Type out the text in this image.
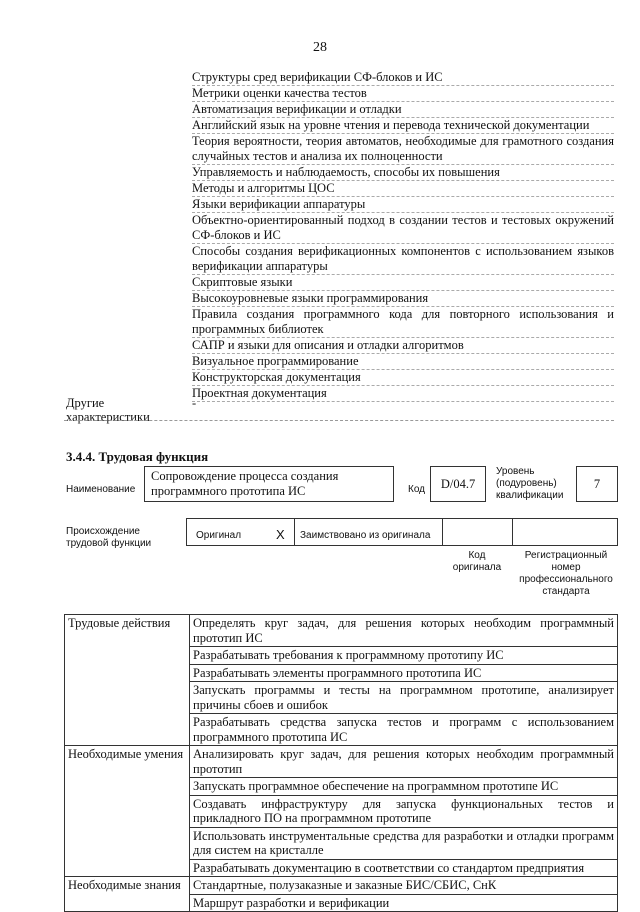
28
Структуры сред верификации СФ-блоков и ИС
Метрики оценки качества тестов
Автоматизация верификации и отладки
Английский язык на уровне чтения и перевода технической документации
Теория вероятности, теория автоматов, необходимые для грамотного создания случайных тестов и анализа их полноценности
Управляемость и наблюдаемость, способы их повышения
Методы и алгоритмы ЦОС
Языки верификации аппаратуры
Объектно-ориентированный подход в создании тестов и тестовых окружений СФ-блоков и ИС
Способы создания верификационных компонентов с использованием языков верификации аппаратуры
Скриптовые языки
Высокоуровневые языки программирования
Правила создания программного кода для повторного использования и программных библиотек
САПР и языки для описания и отладки алгоритмов
Визуальное программирование
Конструкторская документация
Проектная документация
Другие характеристики
-
3.4.4. Трудовая функция
Наименование
Сопровождение процесса создания программного прототипа ИС	Код	D/04.7
Уровень (подуровень) квалификации
7
Происхождение трудовой функции
Оригинал	X Заимствовано из оригинала
Код оригинала
Регистрационный номер профессионального стандарта
Трудовые действия	Определять круг задач, для решения которых необходим программный прототип ИС
	Разрабатывать требования к программному прототипу ИС
	Разрабатывать элементы программного прототипа ИС
	Запускать программы и тесты на программном прототипе, анализирует причины сбоев и ошибок
	Разрабатывать средства запуска тестов и программ с использованием программного прототипа ИС
Необходимые умения	Анализировать круг задач, для решения которых необходим программный прототип
	Запускать программное обеспечение на программном прототипе ИС
	Создавать инфраструктуру для запуска функциональных тестов и прикладного ПО на программном прототипе
	Использовать инструментальные средства для разработки и отладки программ для систем на кристалле
	Разрабатывать документацию в соответствии со стандартом предприятия
Необходимые знания	Стандартные, полузаказные и заказные БИС/СБИС, СнК
	Маршрут разработки и верификации
